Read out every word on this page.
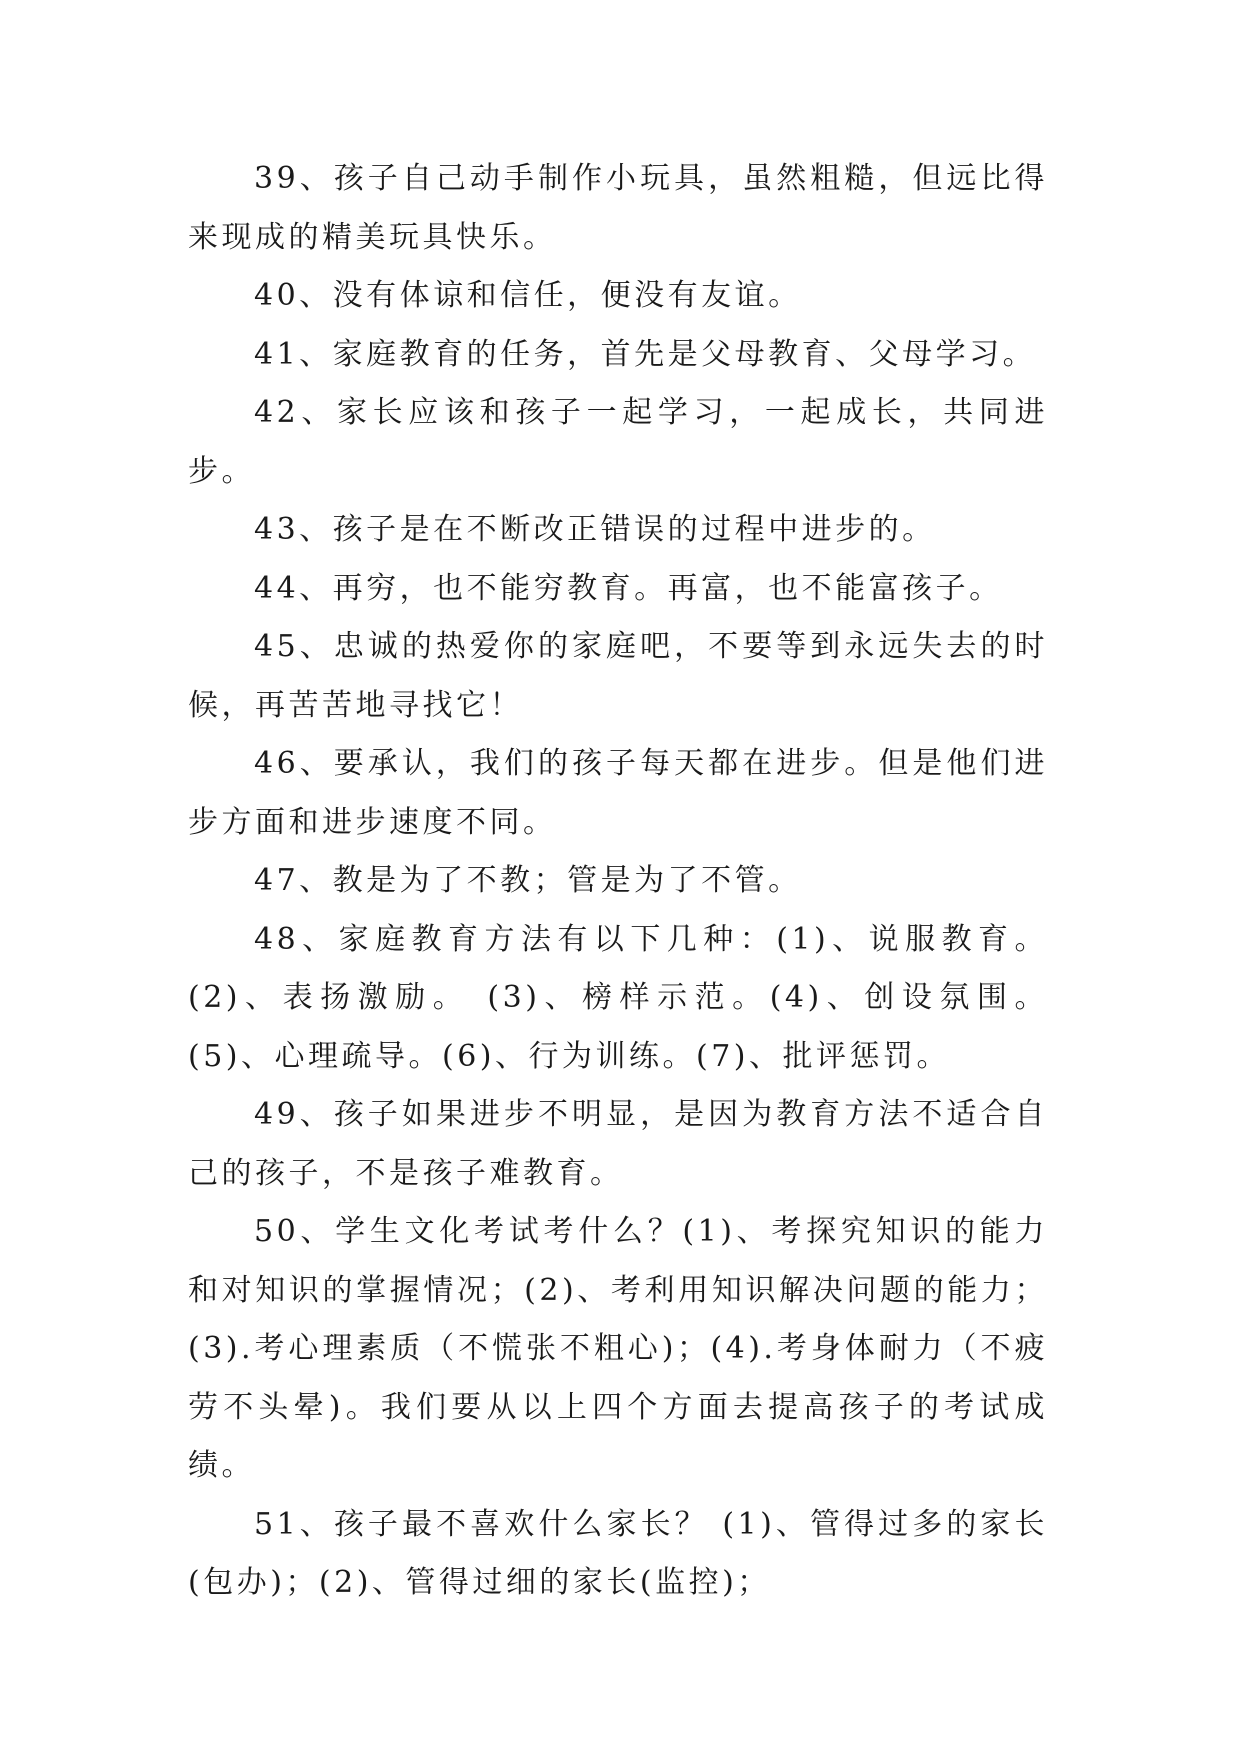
39、孩子自己动手制作小玩具，虽然粗糙，但远比得来现成的精美玩具快乐。

40、没有体谅和信任，便没有友谊。

41、家庭教育的任务，首先是父母教育、父母学习。

42、家长应该和孩子一起学习，一起成长，共同进步。

43、孩子是在不断改正错误的过程中进步的。

44、再穷，也不能穷教育。再富，也不能富孩子。

45、忠诚的热爱你的家庭吧，不要等到永远失去的时候，再苦苦地寻找它！

46、要承认，我们的孩子每天都在进步。但是他们进步方面和进步速度不同。

47、教是为了不教；管是为了不管。

48、家庭教育方法有以下几种：(1)、说服教育。(2)、表扬激励。 (3)、榜样示范。(4)、创设氛围。(5)、心理疏导。(6)、行为训练。(7)、批评惩罚。

49、孩子如果进步不明显，是因为教育方法不适合自己的孩子，不是孩子难教育。

50、学生文化考试考什么？(1)、考探究知识的能力和对知识的掌握情况；(2)、考利用知识解决问题的能力；(3).考心理素质（不慌张不粗心)；(4).考身体耐力（不疲劳不头晕)。我们要从以上四个方面去提高孩子的考试成绩。

51、孩子最不喜欢什么家长？ (1)、管得过多的家长(包办)；(2)、管得过细的家长(监控)；
